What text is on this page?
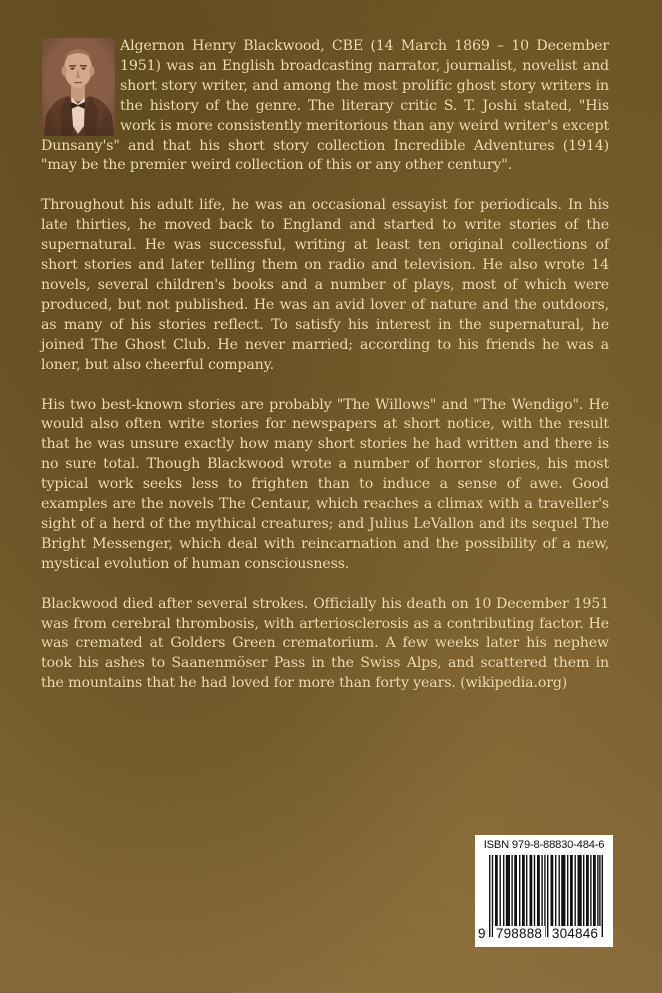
Algernon Henry Blackwood, CBE (14 March 1869 – 10 December 1951) was an English broadcasting narrator, journalist, novelist and short story writer, and among the most prolific ghost story writers in the history of the genre. The literary critic S. T. Joshi stated, "His work is more consistently meritorious than any weird writer's except Dunsany's" and that his short story collection Incredible Adventures (1914) "may be the premier weird collection of this or any other century".

Throughout his adult life, he was an occasional essayist for periodicals. In his late thirties, he moved back to England and started to write stories of the supernatural. He was successful, writing at least ten original collections of short stories and later telling them on radio and television. He also wrote 14 novels, several children's books and a number of plays, most of which were produced, but not published. He was an avid lover of nature and the outdoors, as many of his stories reflect. To satisfy his interest in the supernatural, he joined The Ghost Club. He never married; according to his friends he was a loner, but also cheerful company.

His two best-known stories are probably "The Willows" and "The Wendigo". He would also often write stories for newspapers at short notice, with the result that he was unsure exactly how many short stories he had written and there is no sure total. Though Blackwood wrote a number of horror stories, his most typical work seeks less to frighten than to induce a sense of awe. Good examples are the novels The Centaur, which reaches a climax with a traveller's sight of a herd of the mythical creatures; and Julius LeVallon and its sequel The Bright Messenger, which deal with reincarnation and the possibility of a new, mystical evolution of human consciousness.

Blackwood died after several strokes. Officially his death on 10 December 1951 was from cerebral thrombosis, with arteriosclerosis as a contributing factor. He was cremated at Golders Green crematorium. A few weeks later his nephew took his ashes to Saanenmöser Pass in the Swiss Alps, and scattered them in the mountains that he had loved for more than forty years. (wikipedia.org)

ISBN 979-8-88830-484-6
9 798888 304846
